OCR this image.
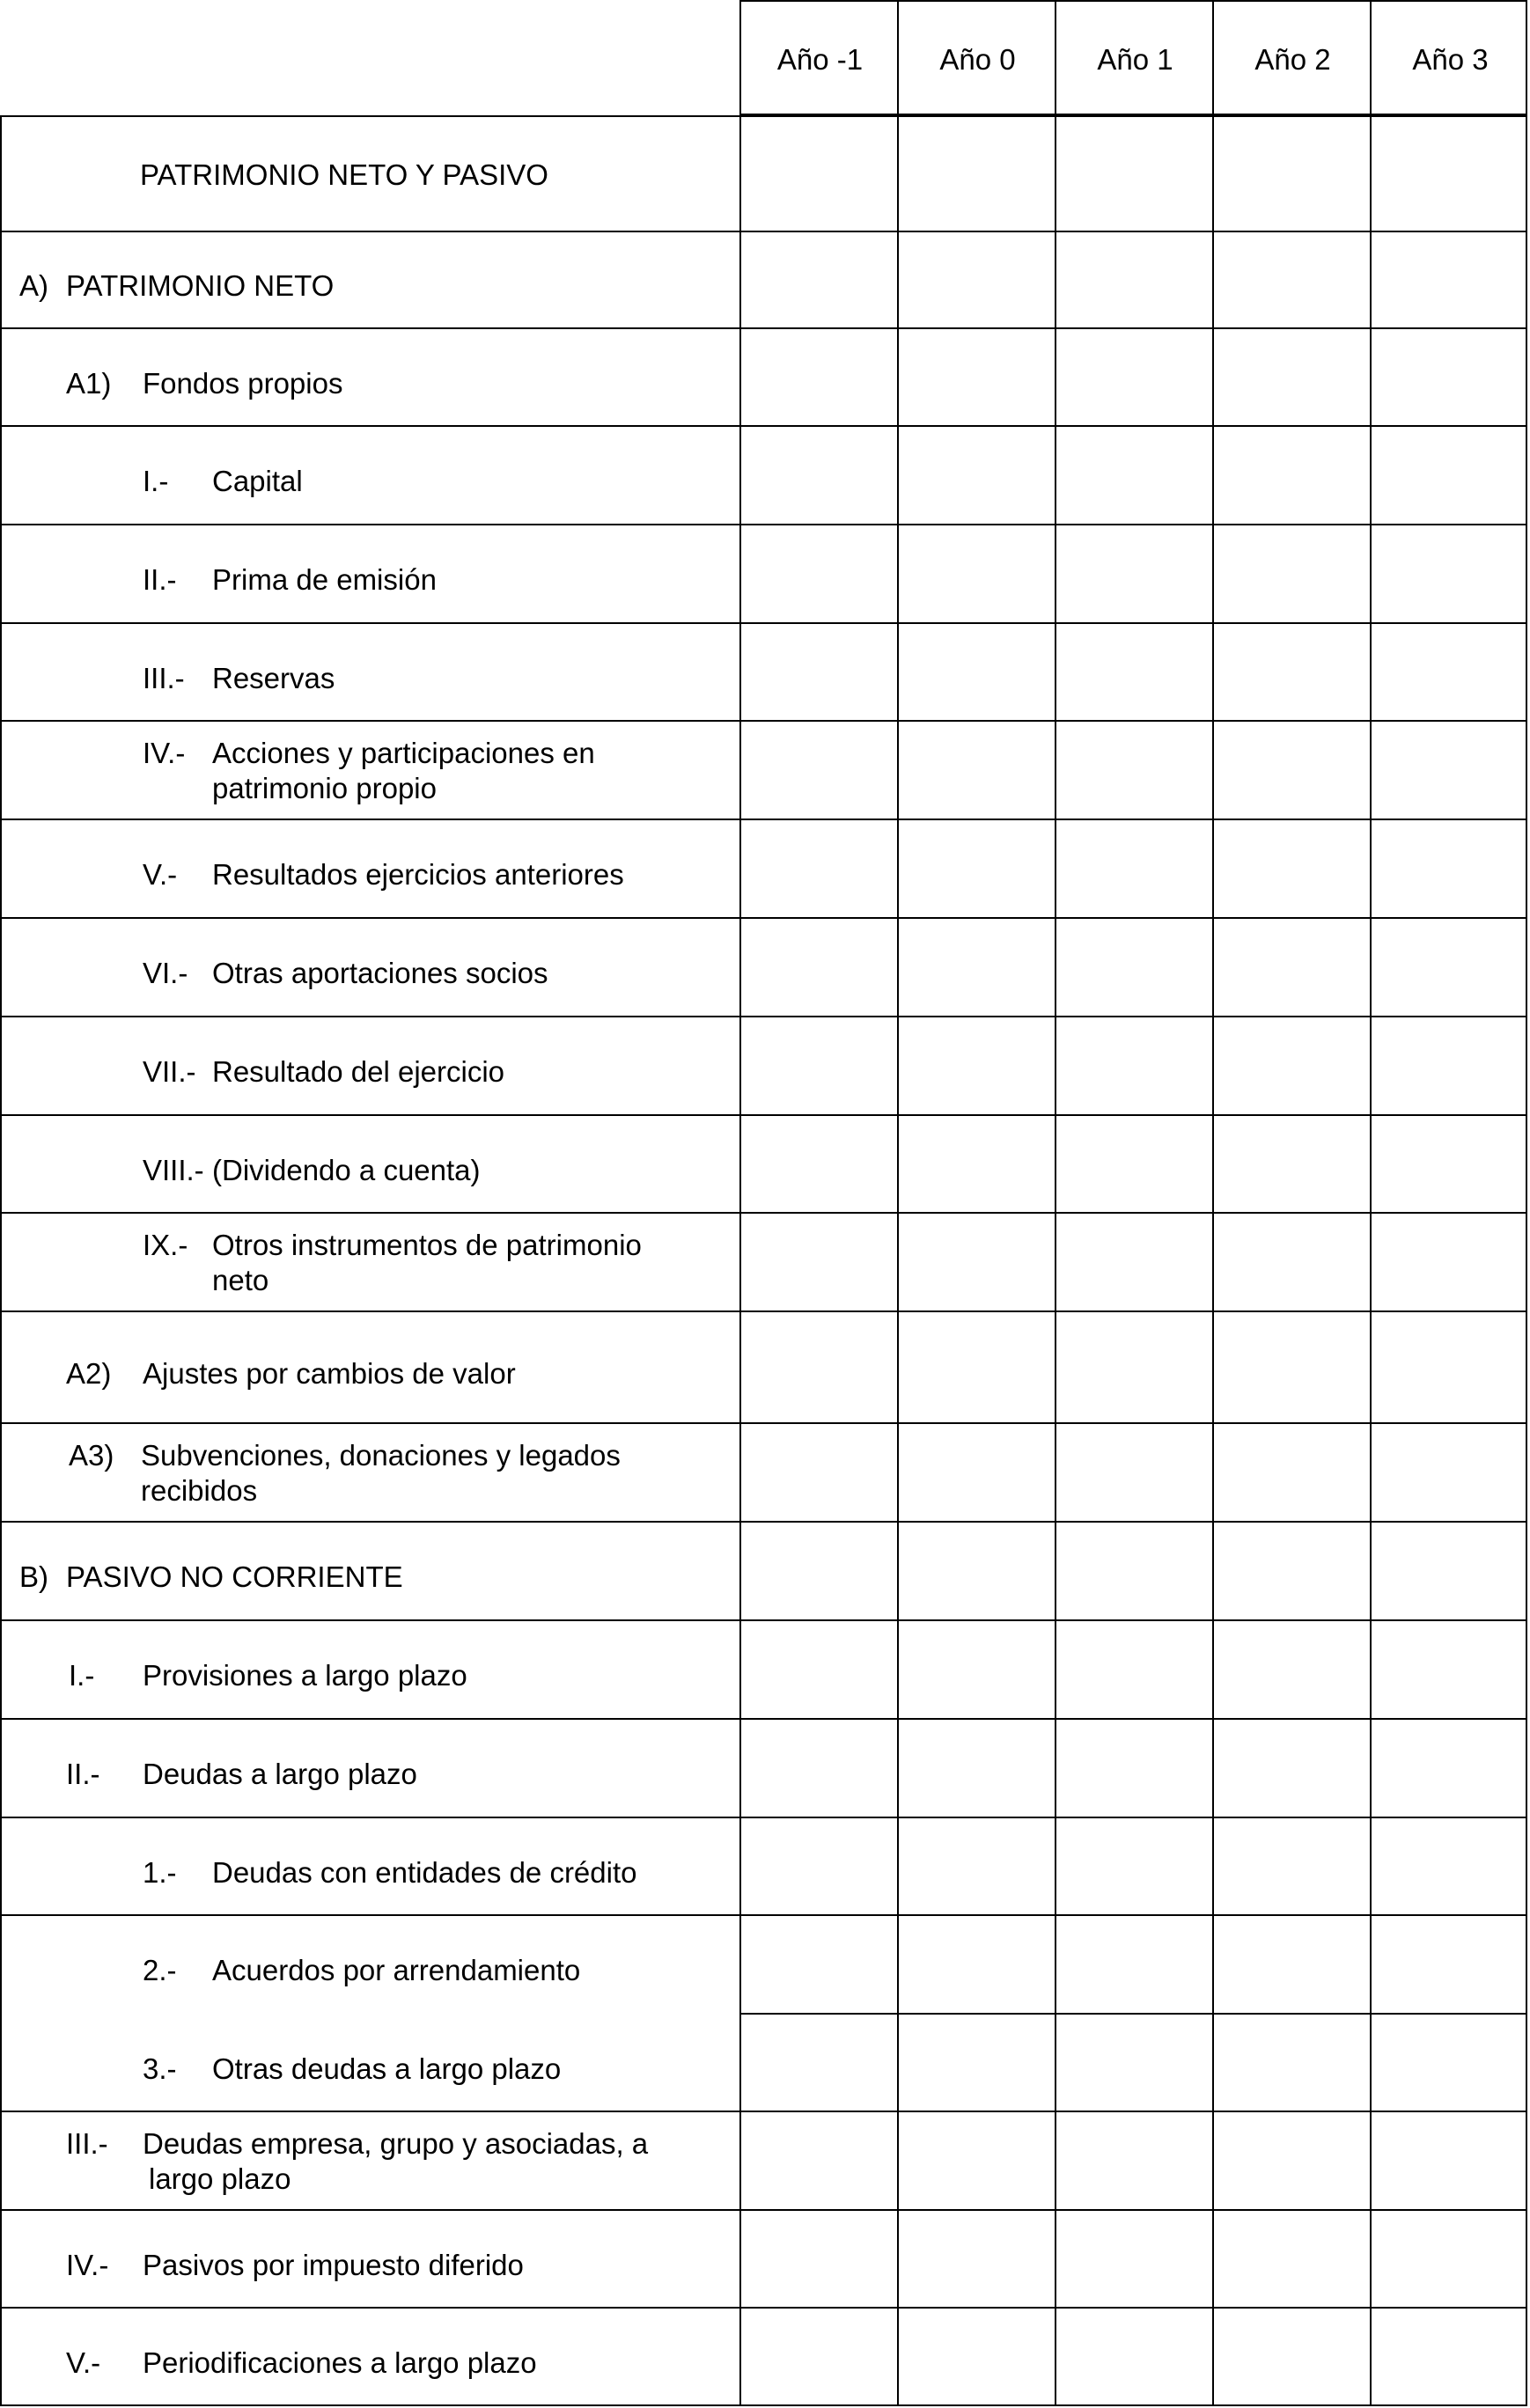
Año -1	Año 0	Año 1	Año 2	Año 3
PATRIMONIO NETO Y PASIVO
A) PATRIMONIO NETO
A1) Fondos propios
I.- Capital
II.- Prima de emisión
III.- Reservas
IV.- Acciones y participaciones en
patrimonio propio
V.- Resultados ejercicios anteriores
VI.- Otras aportaciones socios
VII.- Resultado del ejercicio
VIII.- (Dividendo a cuenta)
IX.- Otros instrumentos de patrimonio
neto
A2) Ajustes por cambios de valor
A3) Subvenciones, donaciones y legados
recibidos
B) PASIVO NO CORRIENTE
I.- Provisiones a largo plazo
II.- Deudas a largo plazo
1.- Deudas con entidades de crédito
2.- Acuerdos por arrendamiento
3.- Otras deudas a largo plazo
III.- Deudas empresa, grupo y asociadas, a
largo plazo
IV.- Pasivos por impuesto diferido
V.- Periodificaciones a largo plazo
